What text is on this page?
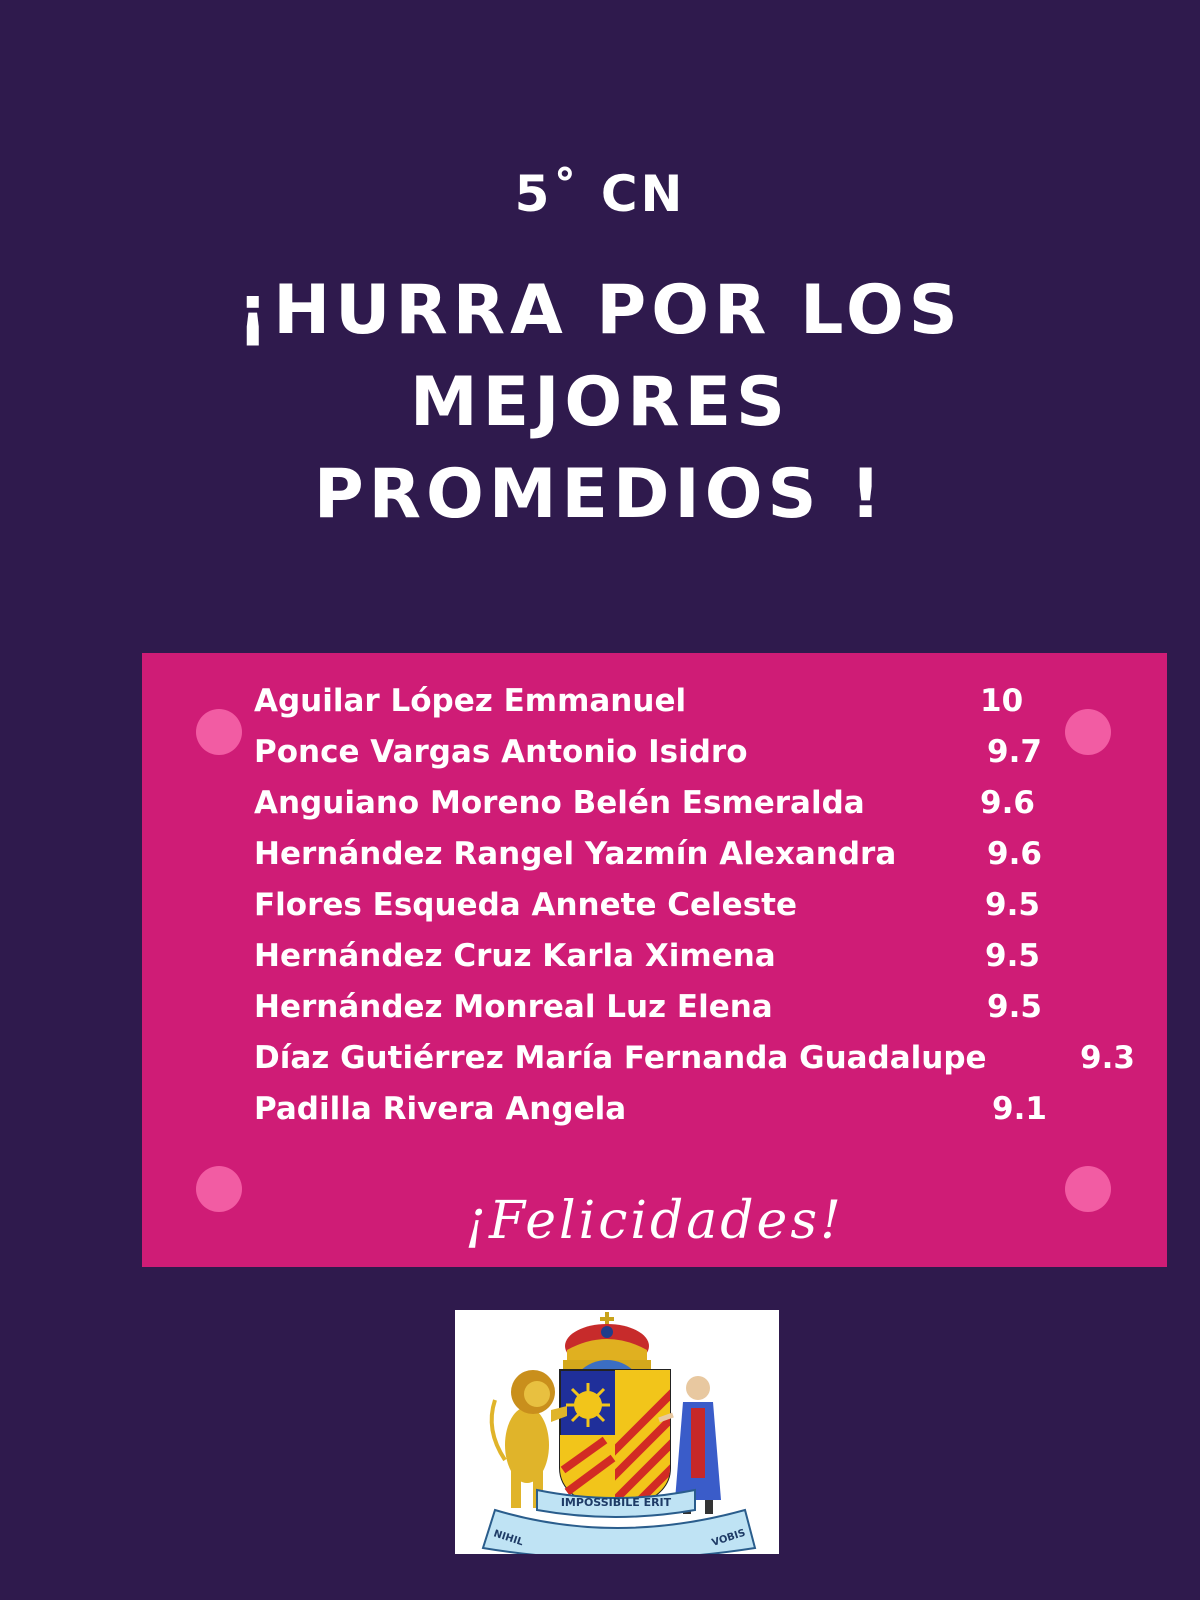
5˚ CN
¡HURRA POR LOS
MEJORES
PROMEDIOS !
Aguilar López Emmanuel	10
Ponce Vargas Antonio Isidro	9.7
Anguiano Moreno Belén Esmeralda	9.6
Hernández Rangel Yazmín Alexandra	9.6
Flores Esqueda Annete Celeste	9.5
Hernández Cruz Karla Ximena	9.5
Hernández Monreal Luz Elena	9.5
Díaz Gutiérrez María Fernanda Guadalupe	9.3
Padilla Rivera Angela	9.1
¡Felicidades!
IMPOSSIBILE ERIT
NIHIL	VOBIS
